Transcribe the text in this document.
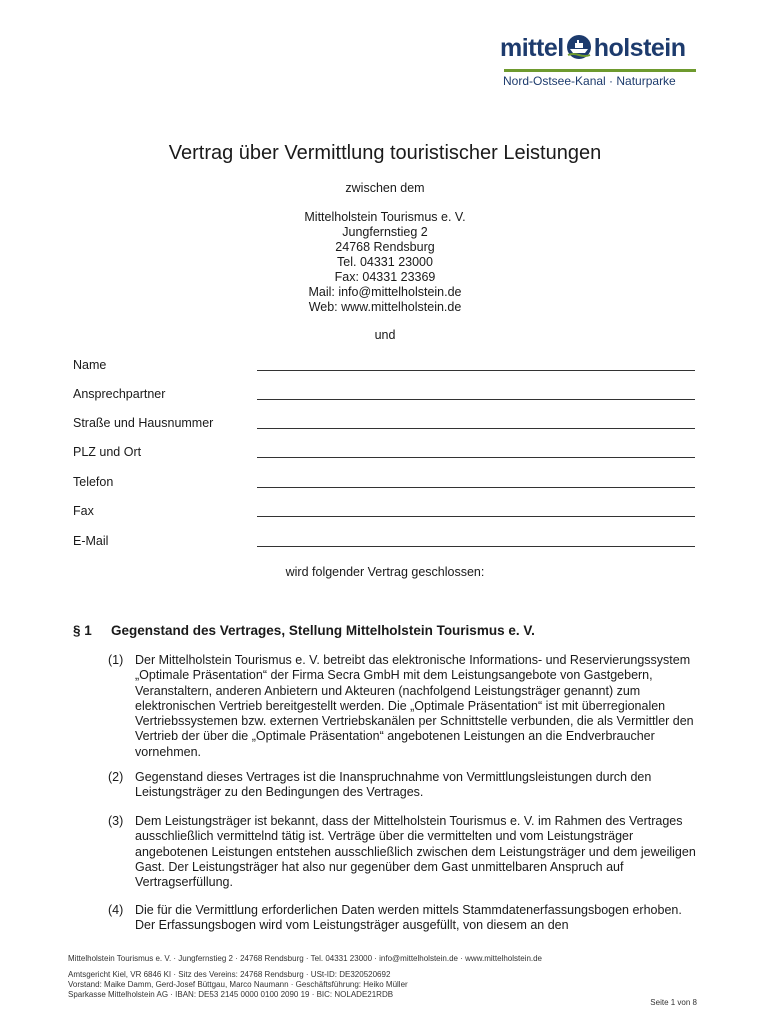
mittel holstein
Nord-Ostsee-Kanal · Naturparke
Vertrag über Vermittlung touristischer Leistungen
zwischen dem
Mittelholstein Tourismus e. V.
Jungfernstieg 2
24768 Rendsburg
Tel. 04331 23000
Fax: 04331 23369
Mail: info@mittelholstein.de
Web: www.mittelholstein.de
und
Name
Ansprechpartner
Straße und Hausnummer
PLZ und Ort
Telefon
Fax
E-Mail
wird folgender Vertrag geschlossen:
§ 1 Gegenstand des Vertrages, Stellung Mittelholstein Tourismus e. V.
(1) Der Mittelholstein Tourismus e. V. betreibt das elektronische Informations- und Reservierungssystem „Optimale Präsentation“ der Firma Secra GmbH mit dem Leistungsangebote von Gastgebern, Veranstaltern, anderen Anbietern und Akteuren (nachfolgend Leistungsträger genannt) zum elektronischen Vertrieb bereitgestellt werden. Die „Optimale Präsentation“ ist mit überregionalen Vertriebssystemen bzw. externen Vertriebskanälen per Schnittstelle verbunden, die als Vermittler den Vertrieb der über die „Optimale Präsentation“ angebotenen Leistungen an die Endverbraucher vornehmen.
(2) Gegenstand dieses Vertrages ist die Inanspruchnahme von Vermittlungsleistungen durch den Leistungsträger zu den Bedingungen des Vertrages.
(3) Dem Leistungsträger ist bekannt, dass der Mittelholstein Tourismus e. V. im Rahmen des Vertrages ausschließlich vermittelnd tätig ist. Verträge über die vermittelten und vom Leistungsträger angebotenen Leistungen entstehen ausschließlich zwischen dem Leistungsträger und dem jeweiligen Gast. Der Leistungsträger hat also nur gegenüber dem Gast unmittelbaren Anspruch auf Vertragserfüllung.
(4) Die für die Vermittlung erforderlichen Daten werden mittels Stammdatenerfassungsbogen erhoben. Der Erfassungsbogen wird vom Leistungsträger ausgefüllt, von diesem an den
Mittelholstein Tourismus e. V. · Jungfernstieg 2 · 24768 Rendsburg · Tel. 04331 23000 · info@mittelholstein.de · www.mittelholstein.de
Amtsgericht Kiel, VR 6846 KI · Sitz des Vereins: 24768 Rendsburg · USt-ID: DE320520692
Vorstand: Maike Damm, Gerd-Josef Büttgau, Marco Naumann · Geschäftsführung: Heiko Müller
Sparkasse Mittelholstein AG · IBAN: DE53 2145 0000 0100 2090 19 · BIC: NOLADE21RDB
Seite 1 von 8
